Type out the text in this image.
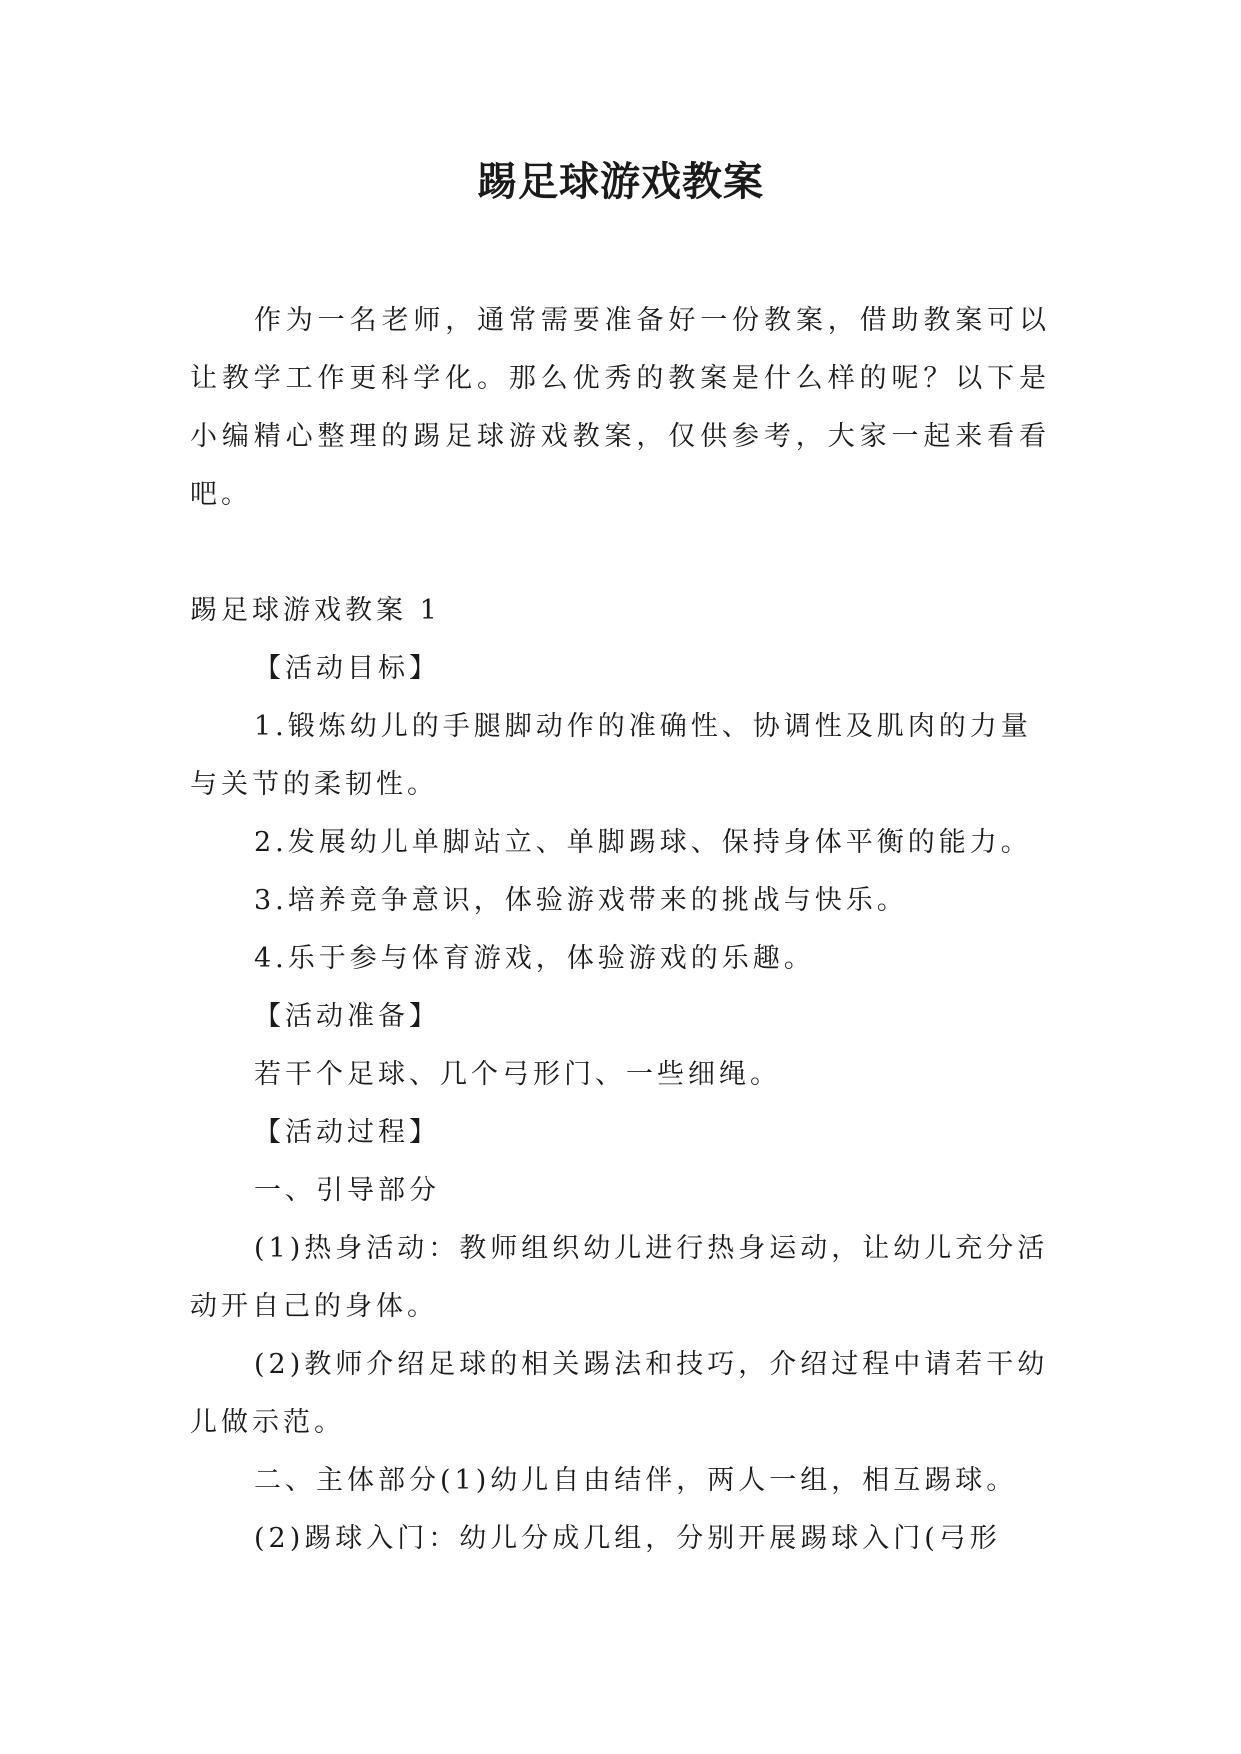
踢足球游戏教案

作为一名老师，通常需要准备好一份教案，借助教案可以让教学工作更科学化。那么优秀的教案是什么样的呢？以下是小编精心整理的踢足球游戏教案，仅供参考，大家一起来看看吧。

踢足球游戏教案 1

【活动目标】

1.锻炼幼儿的手腿脚动作的准确性、协调性及肌肉的力量与关节的柔韧性。

2.发展幼儿单脚站立、单脚踢球、保持身体平衡的能力。

3.培养竞争意识，体验游戏带来的挑战与快乐。

4.乐于参与体育游戏，体验游戏的乐趣。

【活动准备】

若干个足球、几个弓形门、一些细绳。

【活动过程】

一、引导部分

(1)热身活动：教师组织幼儿进行热身运动，让幼儿充分活动开自己的身体。

(2)教师介绍足球的相关踢法和技巧，介绍过程中请若干幼儿做示范。

二、主体部分(1)幼儿自由结伴，两人一组，相互踢球。

(2)踢球入门：幼儿分成几组，分别开展踢球入门(弓形
